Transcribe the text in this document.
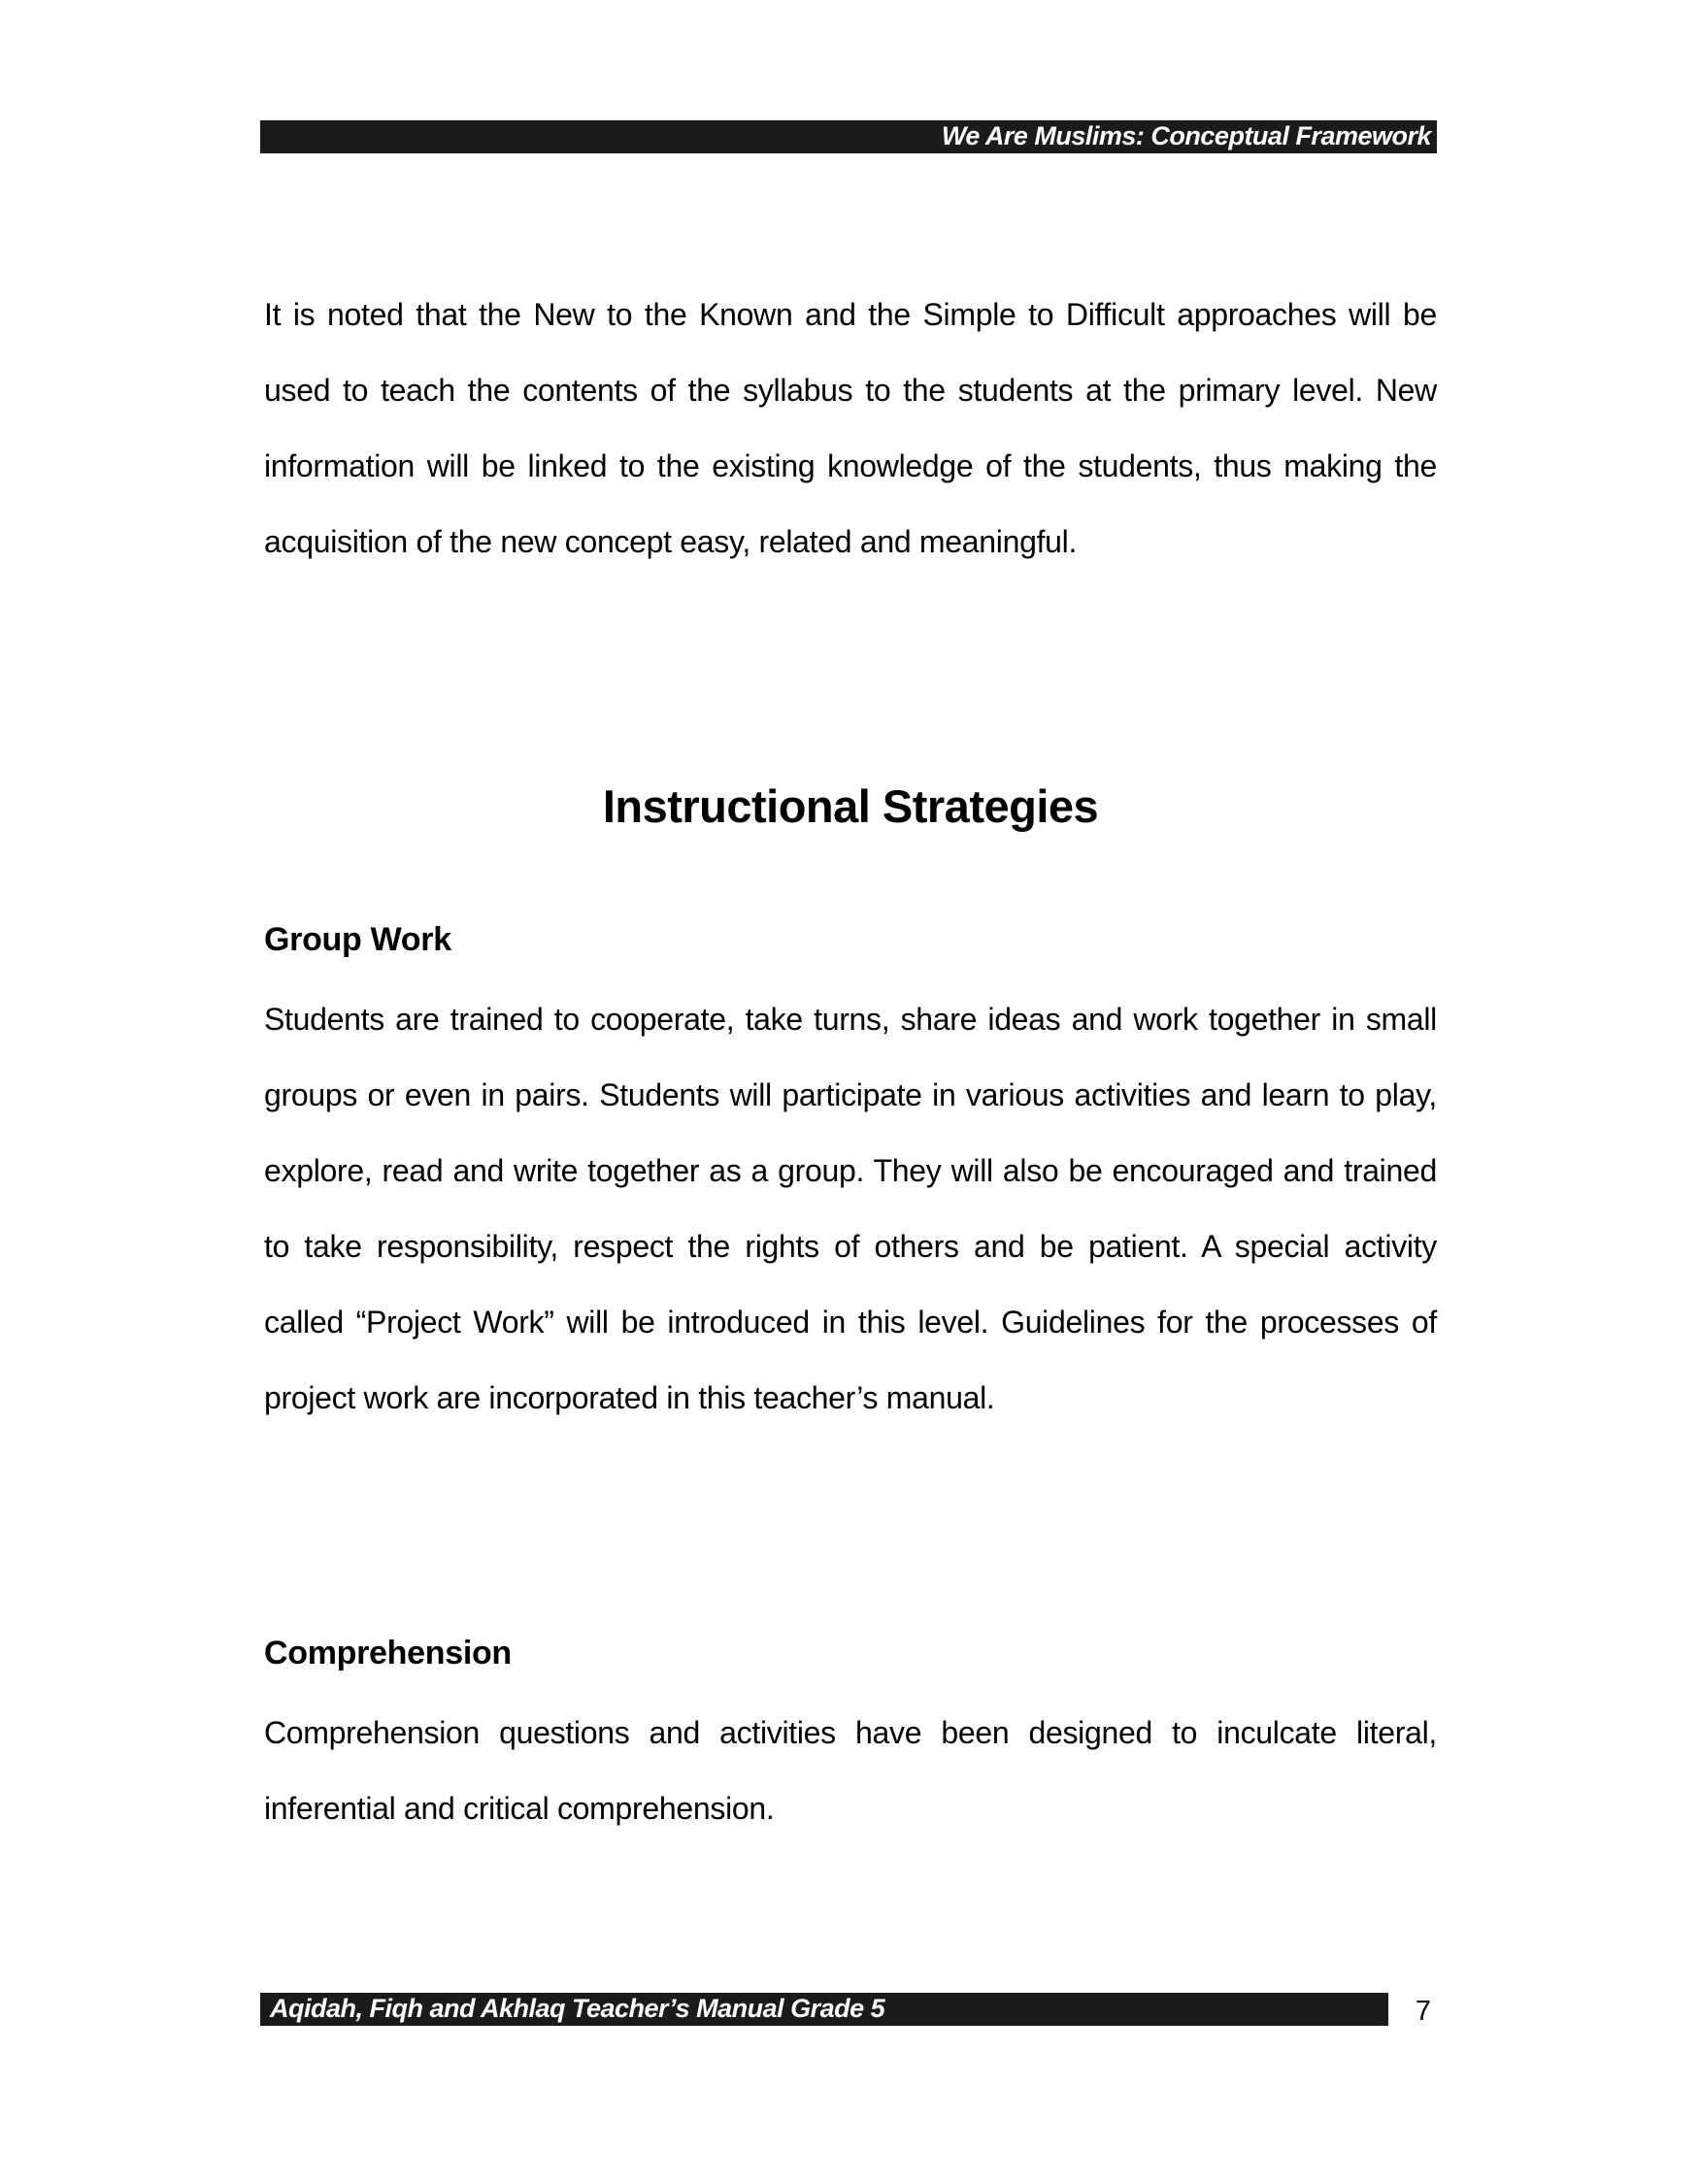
We Are Muslims: Conceptual Framework

It is noted that the New to the Known and the Simple to Difficult approaches will be used to teach the contents of the syllabus to the students at the primary level. New information will be linked to the existing knowledge of the students, thus making the acquisition of the new concept easy, related and meaningful.

Instructional Strategies
Group Work

Students are trained to cooperate, take turns, share ideas and work together in small groups or even in pairs. Students will participate in various activities and learn to play, explore, read and write together as a group. They will also be encouraged and trained to take responsibility, respect the rights of others and be patient. A special activity called “Project Work” will be introduced in this level. Guidelines for the processes of project work are incorporated in this teacher’s manual.

Comprehension

Comprehension questions and activities have been designed to inculcate literal, inferential and critical comprehension.

Aqidah, Fiqh and Akhlaq Teacher’s Manual Grade 5	7
